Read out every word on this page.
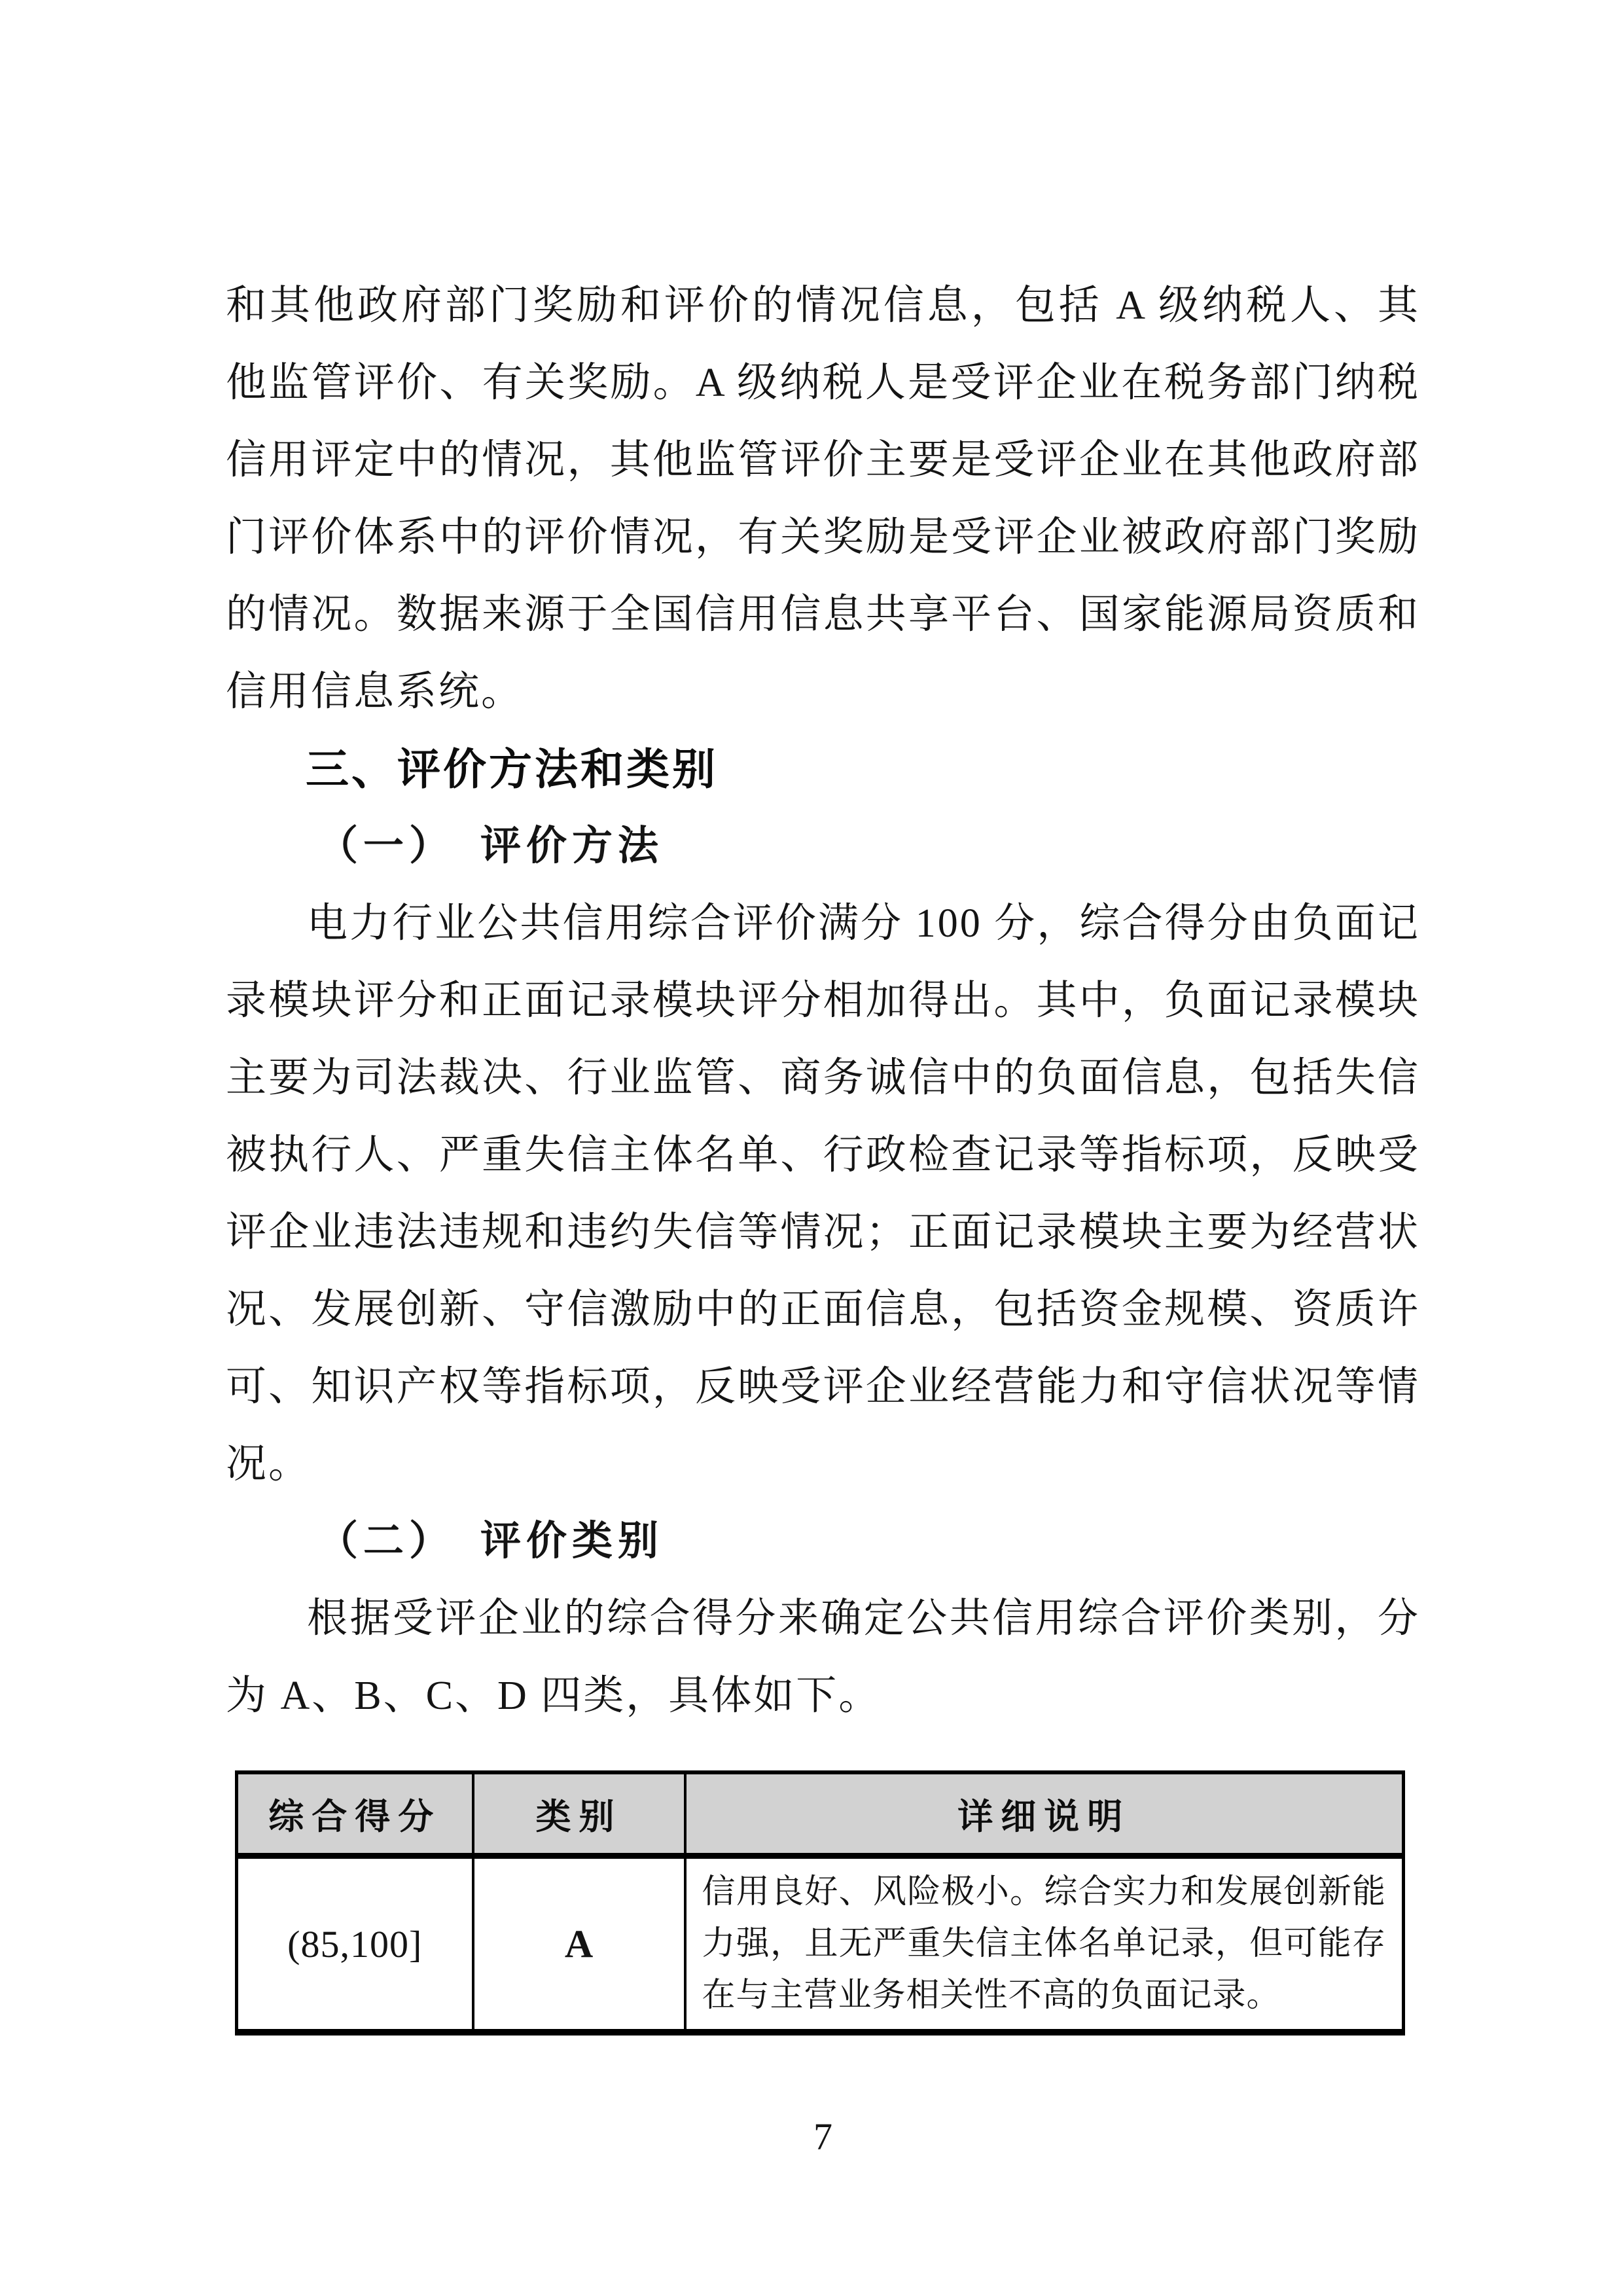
和其他政府部门奖励和评价的情况信息，包括 A 级纳税人、其他监管评价、有关奖励。A 级纳税人是受评企业在税务部门纳税信用评定中的情况，其他监管评价主要是受评企业在其他政府部门评价体系中的评价情况，有关奖励是受评企业被政府部门奖励的情况。数据来源于全国信用信息共享平台、国家能源局资质和信用信息系统。

三、评价方法和类别
（一）　评价方法

电力行业公共信用综合评价满分 100 分，综合得分由负面记录模块评分和正面记录模块评分相加得出。其中，负面记录模块主要为司法裁决、行业监管、商务诚信中的负面信息，包括失信被执行人、严重失信主体名单、行政检查记录等指标项，反映受评企业违法违规和违约失信等情况；正面记录模块主要为经营状况、发展创新、守信激励中的正面信息，包括资金规模、资质许可、知识产权等指标项，反映受评企业经营能力和守信状况等情况。

（二）　评价类别

根据受评企业的综合得分来确定公共信用综合评价类别，分为 A、B、C、D 四类，具体如下。

综合得分	类别	详细说明
(85,100]	A	信用良好、风险极小。综合实力和发展创新能力强，且无严重失信主体名单记录，但可能存在与主营业务相关性不高的负面记录。
7
